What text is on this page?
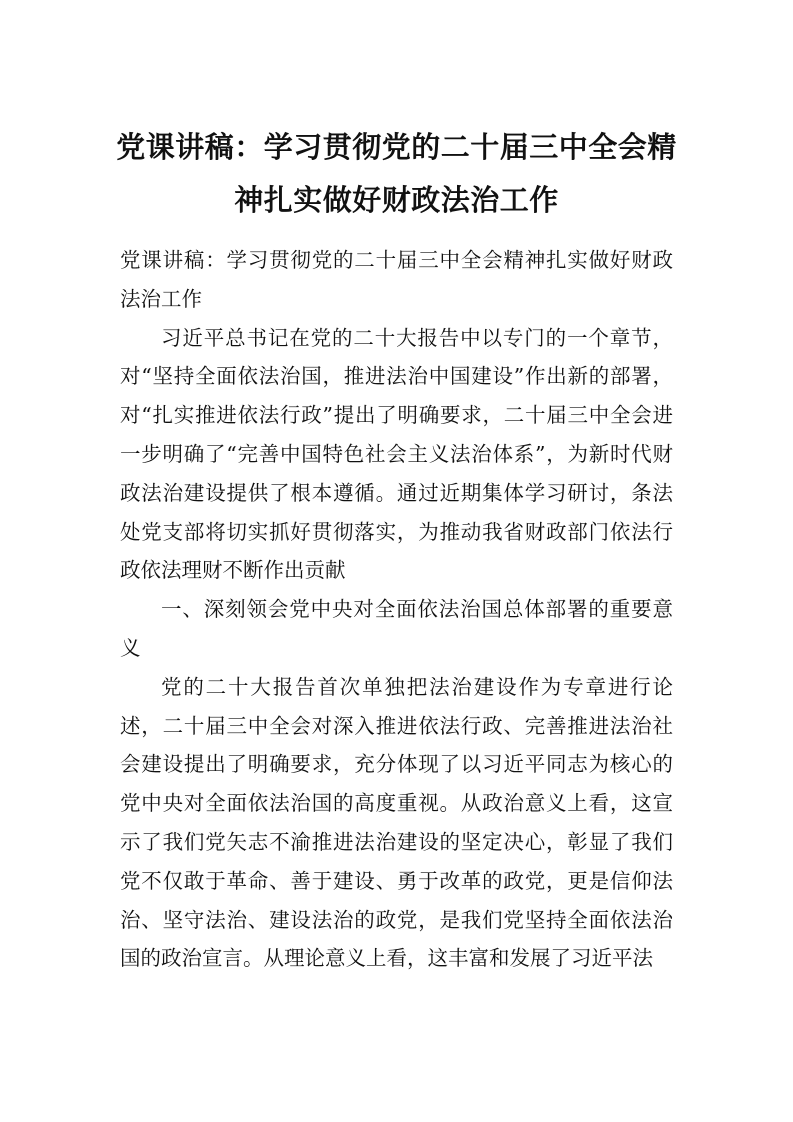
党课讲稿：学习贯彻党的二十届三中全会精神扎实做好财政法治工作

党课讲稿：学习贯彻党的二十届三中全会精神扎实做好财政法治工作

习近平总书记在党的二十大报告中以专门的一个章节，对“坚持全面依法治国，推进法治中国建设”作出新的部署，对“扎实推进依法行政”提出了明确要求，二十届三中全会进一步明确了“完善中国特色社会主义法治体系”，为新时代财政法治建设提供了根本遵循。通过近期集体学习研讨，条法处党支部将切实抓好贯彻落实，为推动我省财政部门依法行政依法理财不断作出贡献

一、深刻领会党中央对全面依法治国总体部署的重要意义

党的二十大报告首次单独把法治建设作为专章进行论述，二十届三中全会对深入推进依法行政、完善推进法治社会建设提出了明确要求，充分体现了以习近平同志为核心的党中央对全面依法治国的高度重视。从政治意义上看，这宣示了我们党矢志不渝推进法治建设的坚定决心，彰显了我们党不仅敢于革命、善于建设、勇于改革的政党，更是信仰法治、坚守法治、建设法治的政党，是我们党坚持全面依法治国的政治宣言。从理论意义上看，这丰富和发展了习近平法
